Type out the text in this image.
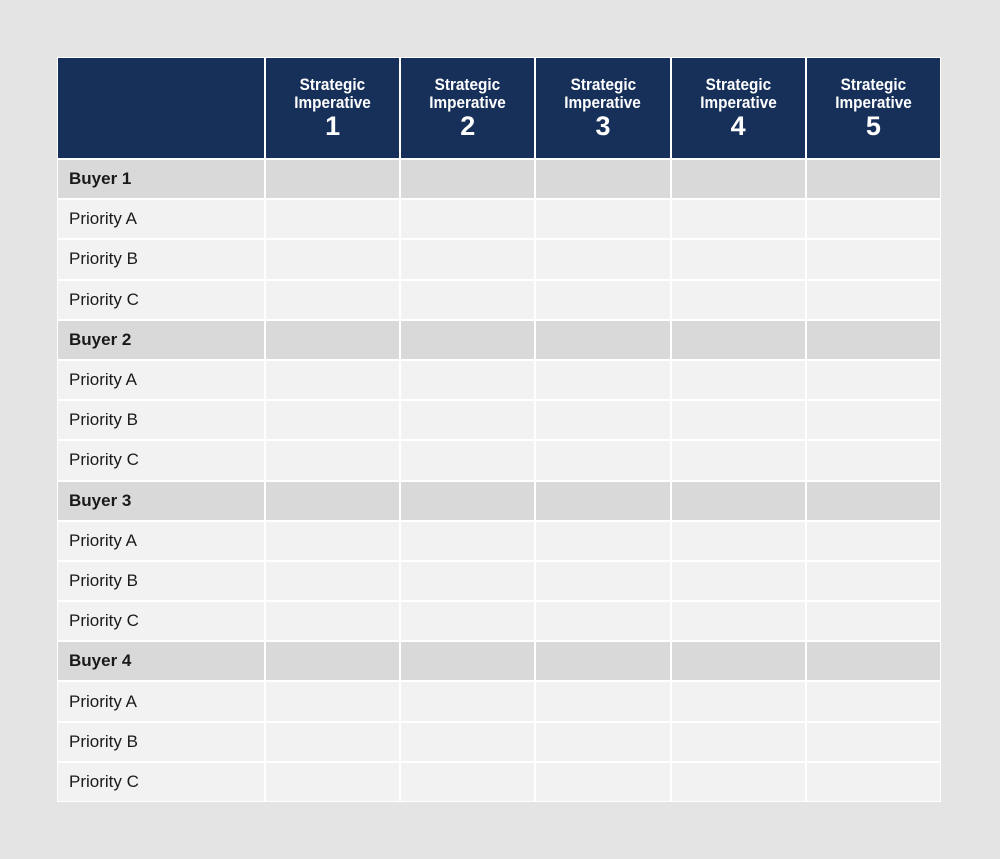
Strategic
Imperative
1
Strategic
Imperative
2
Strategic
Imperative
3
Strategic
Imperative
4
Strategic
Imperative
5
Buyer 1
Priority A
Priority B
Priority C
Buyer 2
Priority A
Priority B
Priority C
Buyer 3
Priority A
Priority B
Priority C
Buyer 4
Priority A
Priority B
Priority C
